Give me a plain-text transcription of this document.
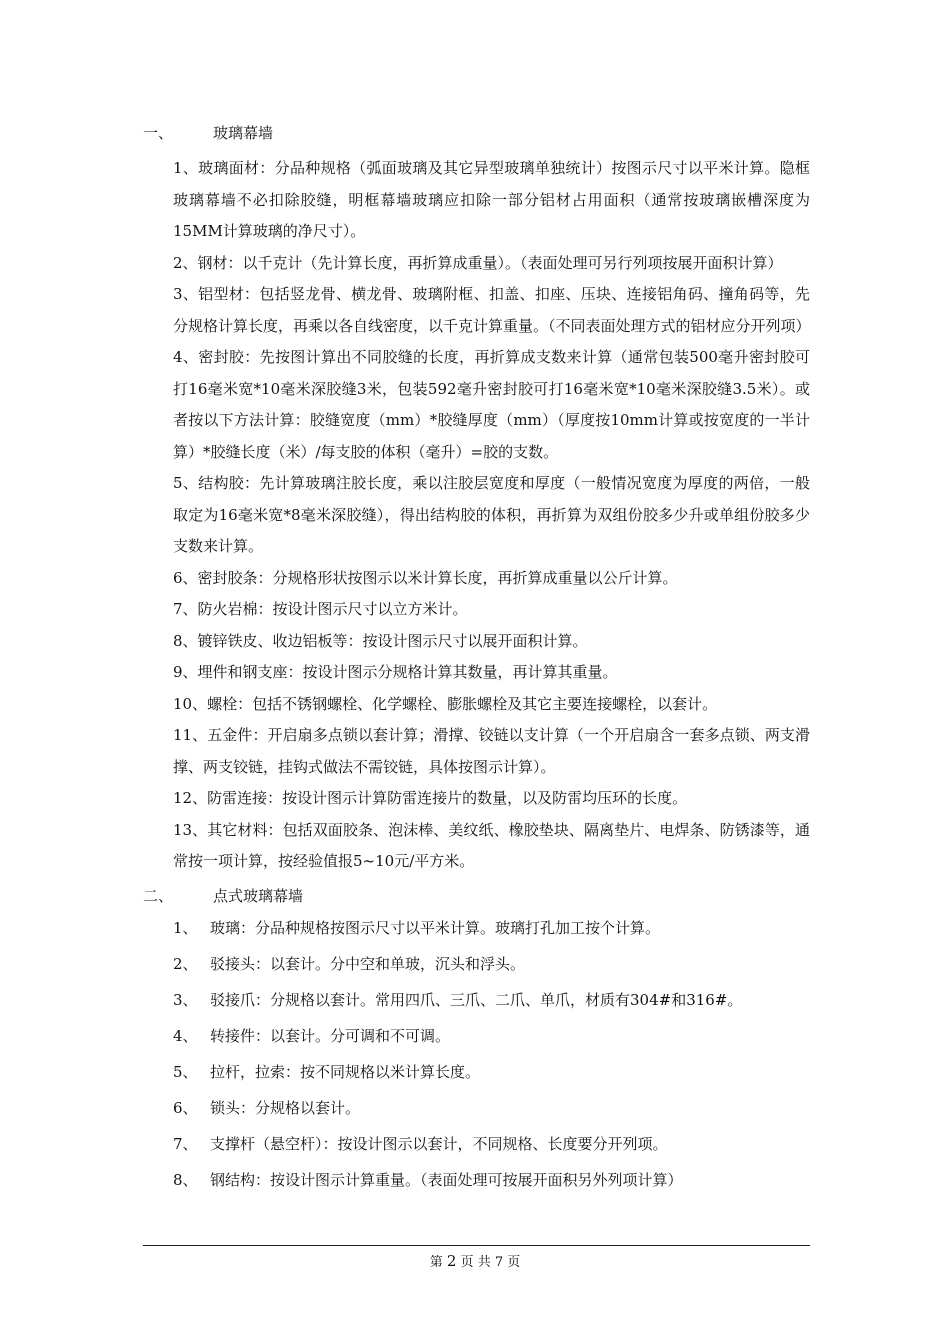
一、	玻璃幕墙
1、玻璃面材：分品种规格（弧面玻璃及其它异型玻璃单独统计）按图示尺寸以平米计算。隐框玻璃幕墙不必扣除胶缝，明框幕墙玻璃应扣除一部分铝材占用面积（通常按玻璃嵌槽深度为15MM计算玻璃的净尺寸）。
2、钢材：以千克计（先计算长度，再折算成重量）。（表面处理可另行列项按展开面积计算）
3、铝型材：包括竖龙骨、横龙骨、玻璃附框、扣盖、扣座、压块、连接铝角码、撞角码等，先分规格计算长度，再乘以各自线密度，以千克计算重量。（不同表面处理方式的铝材应分开列项）
4、密封胶：先按图计算出不同胶缝的长度，再折算成支数来计算（通常包装500毫升密封胶可打16毫米宽*10毫米深胶缝3米，包装592毫升密封胶可打16毫米宽*10毫米深胶缝3.5米）。或者按以下方法计算：胶缝宽度（mm）*胶缝厚度（mm）（厚度按10mm计算或按宽度的一半计算）*胶缝长度（米）/每支胶的体积（毫升）=胶的支数。
5、结构胶：先计算玻璃注胶长度，乘以注胶层宽度和厚度（一般情况宽度为厚度的两倍，一般取定为16毫米宽*8毫米深胶缝），得出结构胶的体积，再折算为双组份胶多少升或单组份胶多少支数来计算。
6、密封胶条：分规格形状按图示以米计算长度，再折算成重量以公斤计算。
7、防火岩棉：按设计图示尺寸以立方米计。
8、镀锌铁皮、收边铝板等：按设计图示尺寸以展开面积计算。
9、埋件和钢支座：按设计图示分规格计算其数量，再计算其重量。
10、螺栓：包括不锈钢螺栓、化学螺栓、膨胀螺栓及其它主要连接螺栓，以套计。
11、五金件：开启扇多点锁以套计算；滑撑、铰链以支计算（一个开启扇含一套多点锁、两支滑撑、两支铰链，挂钩式做法不需铰链，具体按图示计算）。
12、防雷连接：按设计图示计算防雷连接片的数量，以及防雷均压环的长度。
13、其它材料：包括双面胶条、泡沫棒、美纹纸、橡胶垫块、隔离垫片、电焊条、防锈漆等，通常按一项计算，按经验值报5~10元/平方米。
二、	点式玻璃幕墙
1、 玻璃：分品种规格按图示尺寸以平米计算。玻璃打孔加工按个计算。
2、 驳接头：以套计。分中空和单玻，沉头和浮头。
3、 驳接爪：分规格以套计。常用四爪、三爪、二爪、单爪，材质有304#和316#。
4、 转接件：以套计。分可调和不可调。
5、 拉杆，拉索：按不同规格以米计算长度。
6、 锁头：分规格以套计。
7、 支撑杆（悬空杆）：按设计图示以套计，不同规格、长度要分开列项。
8、 钢结构：按设计图示计算重量。（表面处理可按展开面积另外列项计算）
第 2 页 共 7 页
